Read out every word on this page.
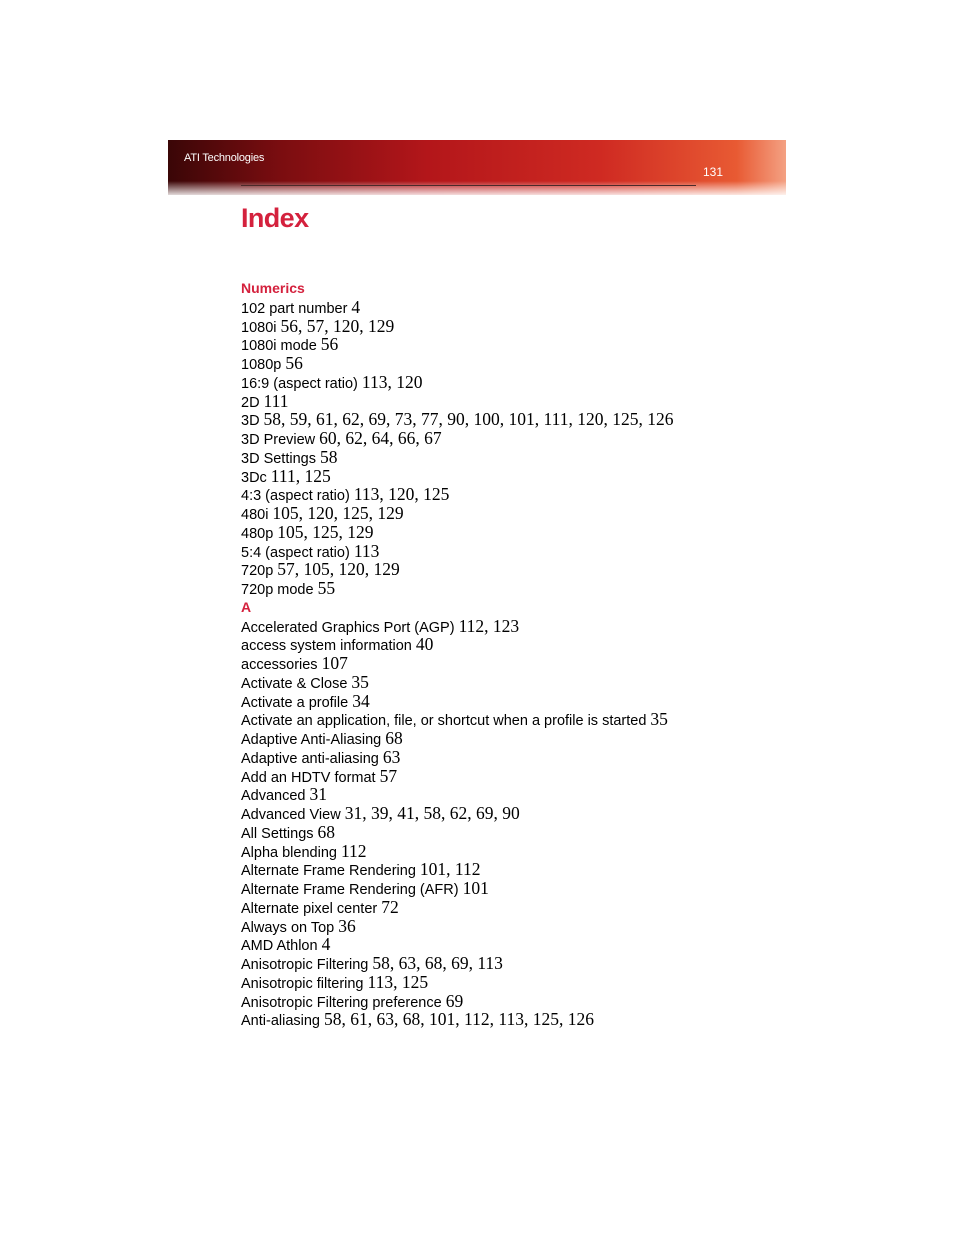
ATI Technologies
131
Index
Numerics
102 part number 4
1080i 56, 57, 120, 129
1080i mode 56
1080p 56
16:9 (aspect ratio) 113, 120
2D 111
3D 58, 59, 61, 62, 69, 73, 77, 90, 100, 101, 111, 120, 125, 126
3D Preview 60, 62, 64, 66, 67
3D Settings 58
3Dc 111, 125
4:3 (aspect ratio) 113, 120, 125
480i 105, 120, 125, 129
480p 105, 125, 129
5:4 (aspect ratio) 113
720p 57, 105, 120, 129
720p mode 55
A
Accelerated Graphics Port (AGP) 112, 123
access system information 40
accessories 107
Activate & Close 35
Activate a profile 34
Activate an application, file, or shortcut when a profile is started 35
Adaptive Anti-Aliasing 68
Adaptive anti-aliasing 63
Add an HDTV format 57
Advanced 31
Advanced View 31, 39, 41, 58, 62, 69, 90
All Settings 68
Alpha blending 112
Alternate Frame Rendering 101, 112
Alternate Frame Rendering (AFR) 101
Alternate pixel center 72
Always on Top 36
AMD Athlon 4
Anisotropic Filtering 58, 63, 68, 69, 113
Anisotropic filtering 113, 125
Anisotropic Filtering preference 69
Anti-aliasing 58, 61, 63, 68, 101, 112, 113, 125, 126
